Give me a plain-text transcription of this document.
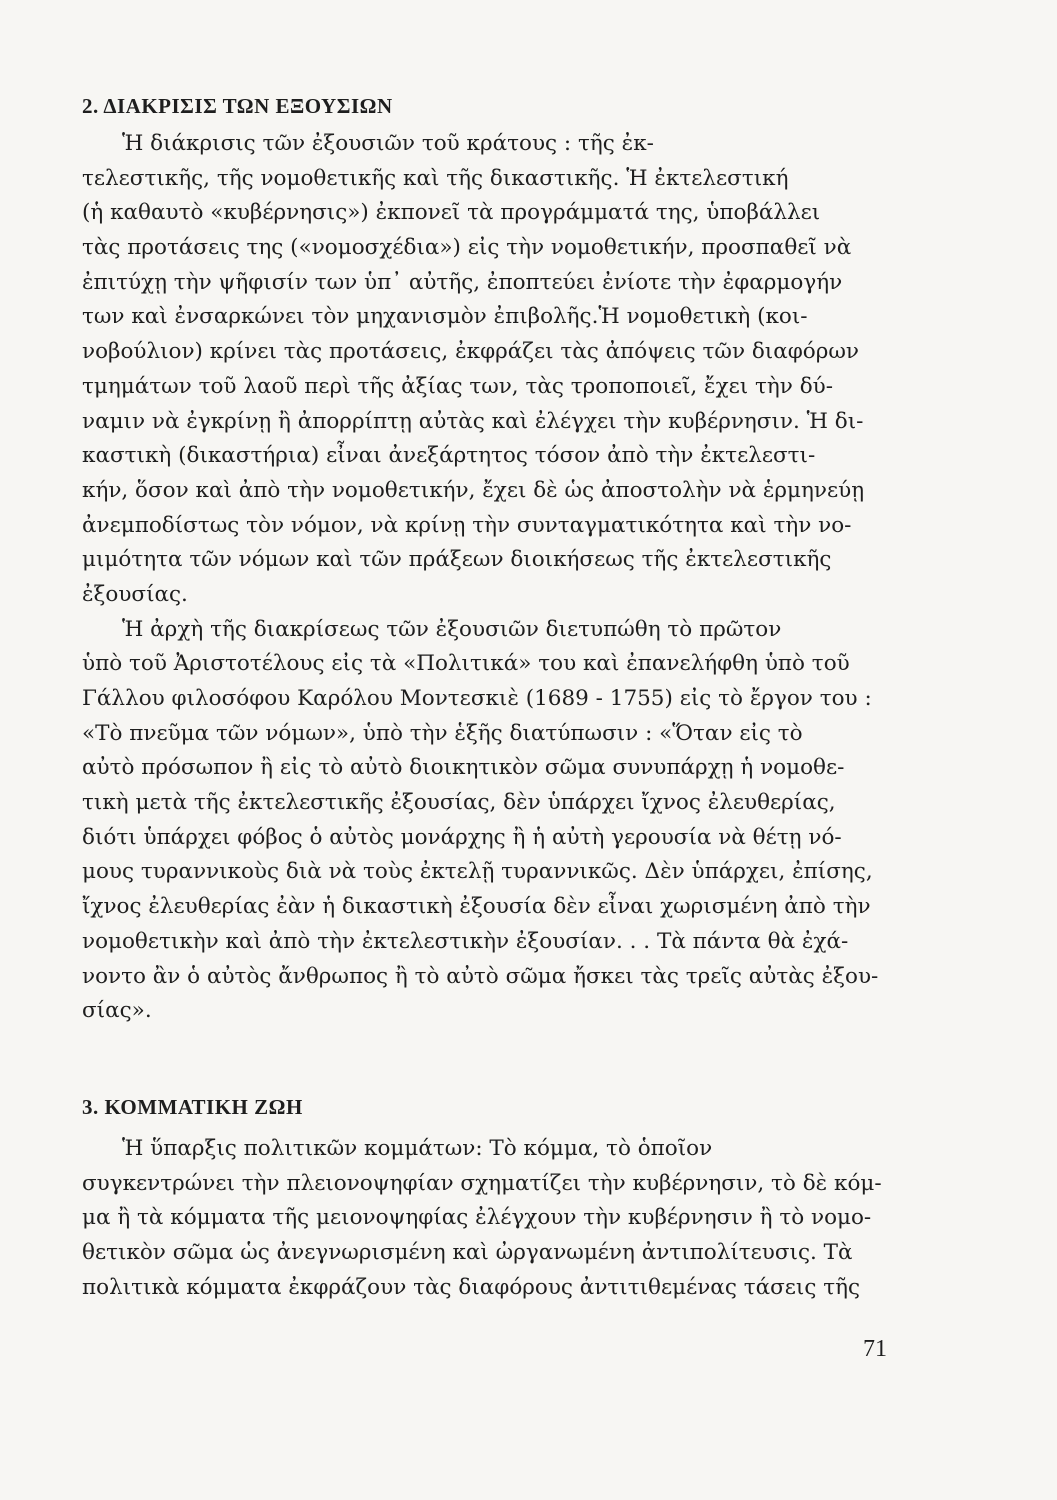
2. ΔΙΑΚΡΙΣΙΣ ΤΩΝ ΕΞΟΥΣΙΩΝ
Ἡ διάκρισις τῶν ἐξουσιῶν τοῦ κράτους : τῆς ἐκ-
τελεστικῆς, τῆς νομοθετικῆς καὶ τῆς δικαστικῆς. Ἡ ἐκτελεστική
(ἡ καθαυτὸ «κυβέρνησις») ἐκπονεῖ τὰ προγράμματά της, ὑποβάλλει
τὰς προτάσεις της («νομοσχέδια») εἰς τὴν νομοθετικήν, προσπαθεῖ νὰ
ἐπιτύχῃ τὴν ψῆφισίν των ὑπ᾿ αὐτῆς, ἐποπτεύει ἐνίοτε τὴν ἐφαρμογήν
των καὶ ἐνσαρκώνει τὸν μηχανισμὸν ἐπιβολῆς.Ἡ νομοθετικὴ (κοι-
νοβούλιον) κρίνει τὰς προτάσεις, ἐκφράζει τὰς ἀπόψεις τῶν διαφόρων
τμημάτων τοῦ λαοῦ περὶ τῆς ἀξίας των, τὰς τροποποιεῖ, ἔχει τὴν δύ-
ναμιν νὰ ἐγκρίνῃ ἢ ἀπορρίπτῃ αὐτὰς καὶ ἐλέγχει τὴν κυβέρνησιν. Ἡ δι-
καστικὴ (δικαστήρια) εἶναι ἀνεξάρτητος τόσον ἀπὸ τὴν ἐκτελεστι-
κήν, ὅσον καὶ ἀπὸ τὴν νομοθετικήν, ἔχει δὲ ὡς ἀποστολὴν νὰ ἑρμηνεύῃ
ἀνεμποδίστως τὸν νόμον, νὰ κρίνῃ τὴν συνταγματικότητα καὶ τὴν νο-
μιμότητα τῶν νόμων καὶ τῶν πράξεων διοικήσεως τῆς ἐκτελεστικῆς
ἐξουσίας.
Ἡ ἀρχὴ τῆς διακρίσεως τῶν ἐξουσιῶν διετυπώθη τὸ πρῶτον
ὑπὸ τοῦ Ἀριστοτέλους εἰς τὰ «Πολιτικά» του καὶ ἐπανελήφθη ὑπὸ τοῦ
Γάλλου φιλοσόφου Καρόλου Μοντεσκιὲ (1689 - 1755) εἰς τὸ ἔργον του :
«Τὸ πνεῦμα τῶν νόμων», ὑπὸ τὴν ἑξῆς διατύπωσιν : «Ὅταν εἰς τὸ
αὐτὸ πρόσωπον ἢ εἰς τὸ αὐτὸ διοικητικὸν σῶμα συνυπάρχῃ ἡ νομοθε-
τικὴ μετὰ τῆς ἐκτελεστικῆς ἐξουσίας, δὲν ὑπάρχει ἴχνος ἐλευθερίας,
διότι ὑπάρχει φόβος ὁ αὐτὸς μονάρχης ἢ ἡ αὐτὴ γερουσία νὰ θέτῃ νό-
μους τυραννικοὺς διὰ νὰ τοὺς ἐκτελῇ τυραννικῶς. Δὲν ὑπάρχει, ἐπίσης,
ἴχνος ἐλευθερίας ἐὰν ἡ δικαστικὴ ἐξουσία δὲν εἶναι χωρισμένη ἀπὸ τὴν
νομοθετικὴν καὶ ἀπὸ τὴν ἐκτελεστικὴν ἐξουσίαν. . . Τὰ πάντα θὰ ἐχά-
νοντο ἂν ὁ αὐτὸς ἄνθρωπος ἢ τὸ αὐτὸ σῶμα ἤσκει τὰς τρεῖς αὐτὰς ἐξου-
σίας».
3. ΚΟΜΜΑΤΙΚΗ ΖΩΗ
Ἡ ὕπαρξις πολιτικῶν κομμάτων: Τὸ κόμμα, τὸ ὁποῖον
συγκεντρώνει τὴν πλειονοψηφίαν σχηματίζει τὴν κυβέρνησιν, τὸ δὲ κόμ-
μα ἢ τὰ κόμματα τῆς μειονοψηφίας ἐλέγχουν τὴν κυβέρνησιν ἢ τὸ νομο-
θετικὸν σῶμα ὡς ἀνεγνωρισμένη καὶ ὠργανωμένη ἀντιπολίτευσις. Τὰ
πολιτικὰ κόμματα ἐκφράζουν τὰς διαφόρους ἀντιτιθεμένας τάσεις τῆς
71
